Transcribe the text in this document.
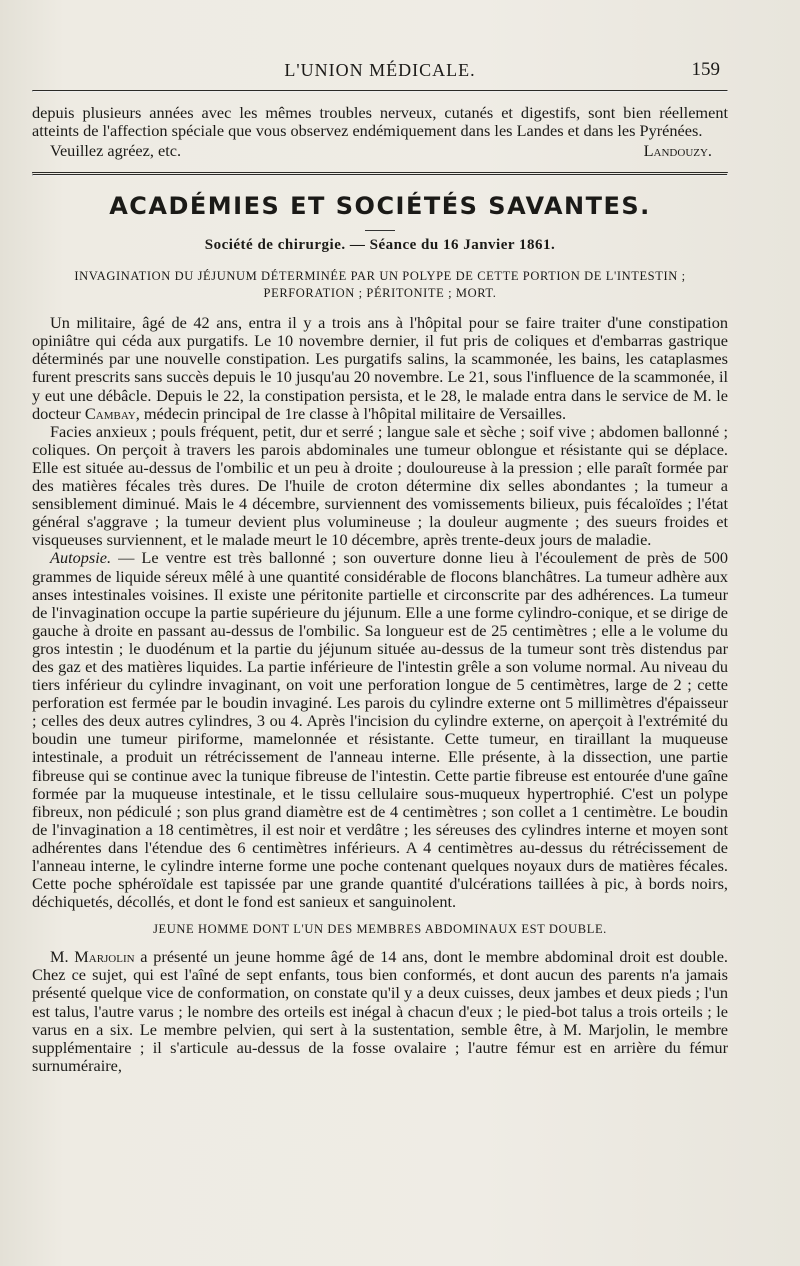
L'UNION MÉDICALE.	159

depuis plusieurs années avec les mêmes troubles nerveux, cutanés et digestifs, sont bien réellement atteints de l'affection spéciale que vous observez endémiquement dans les Landes et dans les Pyrénées.

Veuillez agréez, etc.	Landouzy.
ACADÉMIES ET SOCIÉTÉS SAVANTES.
Société de chirurgie. — Séance du 16 Janvier 1861.
INVAGINATION DU JÉJUNUM DÉTERMINÉE PAR UN POLYPE DE CETTE PORTION DE L'INTESTIN ;
PERFORATION ; PÉRITONITE ; MORT.

Un militaire, âgé de 42 ans, entra il y a trois ans à l'hôpital pour se faire traiter d'une constipation opiniâtre qui céda aux purgatifs. Le 10 novembre dernier, il fut pris de coliques et d'embarras gastrique déterminés par une nouvelle constipation. Les purgatifs salins, la scammonée, les bains, les cataplasmes furent prescrits sans succès depuis le 10 jusqu'au 20 novembre. Le 21, sous l'influence de la scammonée, il y eut une débâcle. Depuis le 22, la constipation persista, et le 28, le malade entra dans le service de M. le docteur Cambay, médecin principal de 1re classe à l'hôpital militaire de Versailles.

Facies anxieux ; pouls fréquent, petit, dur et serré ; langue sale et sèche ; soif vive ; abdomen ballonné ; coliques. On perçoit à travers les parois abdominales une tumeur oblongue et résistante qui se déplace. Elle est située au-dessus de l'ombilic et un peu à droite ; douloureuse à la pression ; elle paraît formée par des matières fécales très dures. De l'huile de croton détermine dix selles abondantes ; la tumeur a sensiblement diminué. Mais le 4 décembre, surviennent des vomissements bilieux, puis fécaloïdes ; l'état général s'aggrave ; la tumeur devient plus volumineuse ; la douleur augmente ; des sueurs froides et visqueuses surviennent, et le malade meurt le 10 décembre, après trente-deux jours de maladie.

Autopsie. — Le ventre est très ballonné ; son ouverture donne lieu à l'écoulement de près de 500 grammes de liquide séreux mêlé à une quantité considérable de flocons blanchâtres. La tumeur adhère aux anses intestinales voisines. Il existe une péritonite partielle et circonscrite par des adhérences. La tumeur de l'invagination occupe la partie supérieure du jéjunum. Elle a une forme cylindro-conique, et se dirige de gauche à droite en passant au-dessus de l'ombilic. Sa longueur est de 25 centimètres ; elle a le volume du gros intestin ; le duodénum et la partie du jéjunum située au-dessus de la tumeur sont très distendus par des gaz et des matières liquides. La partie inférieure de l'intestin grêle a son volume normal. Au niveau du tiers inférieur du cylindre invaginant, on voit une perforation longue de 5 centimètres, large de 2 ; cette perforation est fermée par le boudin invaginé. Les parois du cylindre externe ont 5 millimètres d'épaisseur ; celles des deux autres cylindres, 3 ou 4. Après l'incision du cylindre externe, on aperçoit à l'extrémité du boudin une tumeur piriforme, mamelonnée et résistante. Cette tumeur, en tiraillant la muqueuse intestinale, a produit un rétrécissement de l'anneau interne. Elle présente, à la dissection, une partie fibreuse qui se continue avec la tunique fibreuse de l'intestin. Cette partie fibreuse est entourée d'une gaîne formée par la muqueuse intestinale, et le tissu cellulaire sous-muqueux hypertrophié. C'est un polype fibreux, non pédiculé ; son plus grand diamètre est de 4 centimètres ; son collet a 1 centimètre. Le boudin de l'invagination a 18 centimètres, il est noir et verdâtre ; les séreuses des cylindres interne et moyen sont adhérentes dans l'étendue des 6 centimètres inférieurs. A 4 centimètres au-dessus du rétrécissement de l'anneau interne, le cylindre interne forme une poche contenant quelques noyaux durs de matières fécales. Cette poche sphéroïdale est tapissée par une grande quantité d'ulcérations taillées à pic, à bords noirs, déchiquetés, décollés, et dont le fond est sanieux et sanguinolent.

JEUNE HOMME DONT L'UN DES MEMBRES ABDOMINAUX EST DOUBLE.

M. Marjolin a présenté un jeune homme âgé de 14 ans, dont le membre abdominal droit est double. Chez ce sujet, qui est l'aîné de sept enfants, tous bien conformés, et dont aucun des parents n'a jamais présenté quelque vice de conformation, on constate qu'il y a deux cuisses, deux jambes et deux pieds ; l'un est talus, l'autre varus ; le nombre des orteils est inégal à chacun d'eux ; le pied-bot talus a trois orteils ; le varus en a six. Le membre pelvien, qui sert à la sustentation, semble être, à M. Marjolin, le membre supplémentaire ; il s'articule au-dessus de la fosse ovalaire ; l'autre fémur est en arrière du fémur surnuméraire,
